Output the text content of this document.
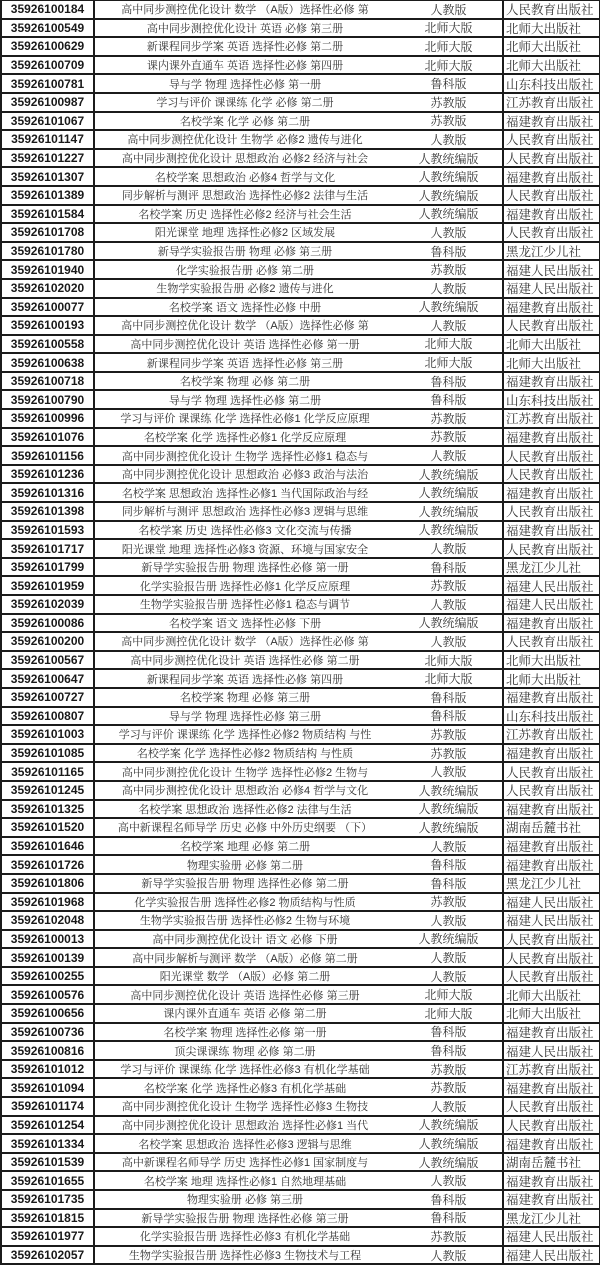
35926100184	高中同步测控优化设计 数学 （A版）选择性必修 第	人教版	人民教育出版社
35926100549	高中同步测控优化设计 英语 必修 第三册	北师大版	北师大出版社
35926100629	新课程同步学案 英语 选择性必修 第二册	北师大版	北师大出版社
35926100709	课内课外直通车 英语 选择性必修 第四册	北师大版	北师大出版社
35926100781	导与学 物理 选择性必修 第一册	鲁科版	山东科技出版社
35926100987	学习与评价 课课练 化学 必修 第二册	苏教版	江苏教育出版社
35926101067	名校学案 化学 必修 第二册	苏教版	福建教育出版社
35926101147	高中同步测控优化设计 生物学 必修2 遗传与进化	人教版	人民教育出版社
35926101227	高中同步测控优化设计 思想政治 必修2 经济与社会	人教统编版	人民教育出版社
35926101307	名校学案 思想政治 必修4 哲学与文化	人教统编版	福建教育出版社
35926101389	同步解析与测评 思想政治 选择性必修2 法律与生活	人教统编版	人民教育出版社
35926101584	名校学案 历史 选择性必修2 经济与社会生活	人教统编版	福建教育出版社
35926101708	阳光课堂 地理 选择性必修2 区域发展	人教版	人民教育出版社
35926101780	新导学实验报告册 物理 必修 第三册	鲁科版	黑龙江少儿社
35926101940	化学实验报告册 必修 第二册	苏教版	福建人民出版社
35926102020	生物学实验报告册 必修2 遗传与进化	人教版	福建人民出版社
35926100077	名校学案 语文 选择性必修 中册	人教统编版	福建教育出版社
35926100193	高中同步测控优化设计 数学 （A版）选择性必修 第	人教版	人民教育出版社
35926100558	高中同步测控优化设计 英语 选择性必修 第一册	北师大版	北师大出版社
35926100638	新课程同步学案 英语 选择性必修 第三册	北师大版	北师大出版社
35926100718	名校学案 物理 必修 第二册	鲁科版	福建教育出版社
35926100790	导与学 物理 选择性必修 第二册	鲁科版	山东科技出版社
35926100996	学习与评价 课课练 化学 选择性必修1 化学反应原理	苏教版	江苏教育出版社
35926101076	名校学案 化学 选择性必修1 化学反应原理	苏教版	福建教育出版社
35926101156	高中同步测控优化设计 生物学 选择性必修1 稳态与	人教版	人民教育出版社
35926101236	高中同步测控优化设计 思想政治 必修3 政治与法治	人教统编版	人民教育出版社
35926101316	名校学案 思想政治 选择性必修1 当代国际政治与经	人教统编版	福建教育出版社
35926101398	同步解析与测评 思想政治 选择性必修3 逻辑与思维	人教统编版	人民教育出版社
35926101593	名校学案 历史 选择性必修3 文化交流与传播	人教统编版	福建教育出版社
35926101717	阳光课堂 地理 选择性必修3 资源、环境与国家安全	人教版	人民教育出版社
35926101799	新导学实验报告册 物理 选择性必修 第一册	鲁科版	黑龙江少儿社
35926101959	化学实验报告册 选择性必修1 化学反应原理	苏教版	福建人民出版社
35926102039	生物学实验报告册 选择性必修1 稳态与调节	人教版	福建人民出版社
35926100086	名校学案 语文 选择性必修 下册	人教统编版	福建教育出版社
35926100200	高中同步测控优化设计 数学 （A版）选择性必修 第	人教版	人民教育出版社
35926100567	高中同步测控优化设计 英语 选择性必修 第二册	北师大版	北师大出版社
35926100647	新课程同步学案 英语 选择性必修 第四册	北师大版	北师大出版社
35926100727	名校学案 物理 必修 第三册	鲁科版	福建教育出版社
35926100807	导与学 物理 选择性必修 第三册	鲁科版	山东科技出版社
35926101003	学习与评价 课课练 化学 选择性必修2 物质结构 与性	苏教版	江苏教育出版社
35926101085	名校学案 化学 选择性必修2 物质结构 与性质	苏教版	福建教育出版社
35926101165	高中同步测控优化设计 生物学 选择性必修2 生物与	人教版	人民教育出版社
35926101245	高中同步测控优化设计 思想政治 必修4 哲学与文化	人教统编版	人民教育出版社
35926101325	名校学案 思想政治 选择性必修2 法律与生活	人教统编版	福建教育出版社
35926101520	高中新课程名师导学 历史 必修 中外历史纲要 （下）	人教统编版	湖南岳麓书社
35926101646	名校学案 地理 必修 第二册	人教版	福建教育出版社
35926101726	物理实验册 必修 第二册	鲁科版	福建教育出版社
35926101806	新导学实验报告册 物理 选择性必修 第二册	鲁科版	黑龙江少儿社
35926101968	化学实验报告册 选择性必修2 物质结构与性质	苏教版	福建人民出版社
35926102048	生物学实验报告册 选择性必修2 生物与环境	人教版	福建人民出版社
35926100013	高中同步测控优化设计 语文 必修 下册	人教统编版	人民教育出版社
35926100139	高中同步解析与测评 数学 （A版）必修 第二册	人教版	人民教育出版社
35926100255	阳光课堂 数学 （A版）必修 第二册	人教版	人民教育出版社
35926100576	高中同步测控优化设计 英语 选择性必修 第三册	北师大版	北师大出版社
35926100656	课内课外直通车 英语 必修 第二册	北师大版	北师大出版社
35926100736	名校学案 物理 选择性必修 第一册	鲁科版	福建教育出版社
35926100816	顶尖课课练 物理 必修 第二册	鲁科版	福建人民出版社
35926101012	学习与评价 课课练 化学 选择性必修3 有机化学基础	苏教版	江苏教育出版社
35926101094	名校学案 化学 选择性必修3 有机化学基础	苏教版	福建教育出版社
35926101174	高中同步测控优化设计 生物学 选择性必修3 生物技	人教版	人民教育出版社
35926101254	高中同步测控优化设计 思想政治 选择性必修1 当代	人教统编版	人民教育出版社
35926101334	名校学案 思想政治 选择性必修3 逻辑与思维	人教统编版	福建教育出版社
35926101539	高中新课程名师导学 历史 选择性必修1 国家制度与	人教统编版	湖南岳麓书社
35926101655	名校学案 地理 选择性必修1 自然地理基础	人教版	福建教育出版社
35926101735	物理实验册 必修 第三册	鲁科版	福建教育出版社
35926101815	新导学实验报告册 物理 选择性必修 第三册	鲁科版	黑龙江少儿社
35926101977	化学实验报告册 选择性必修3 有机化学基础	苏教版	福建人民出版社
35926102057	生物学实验报告册 选择性必修3 生物技术与工程	人教版	福建人民出版社
